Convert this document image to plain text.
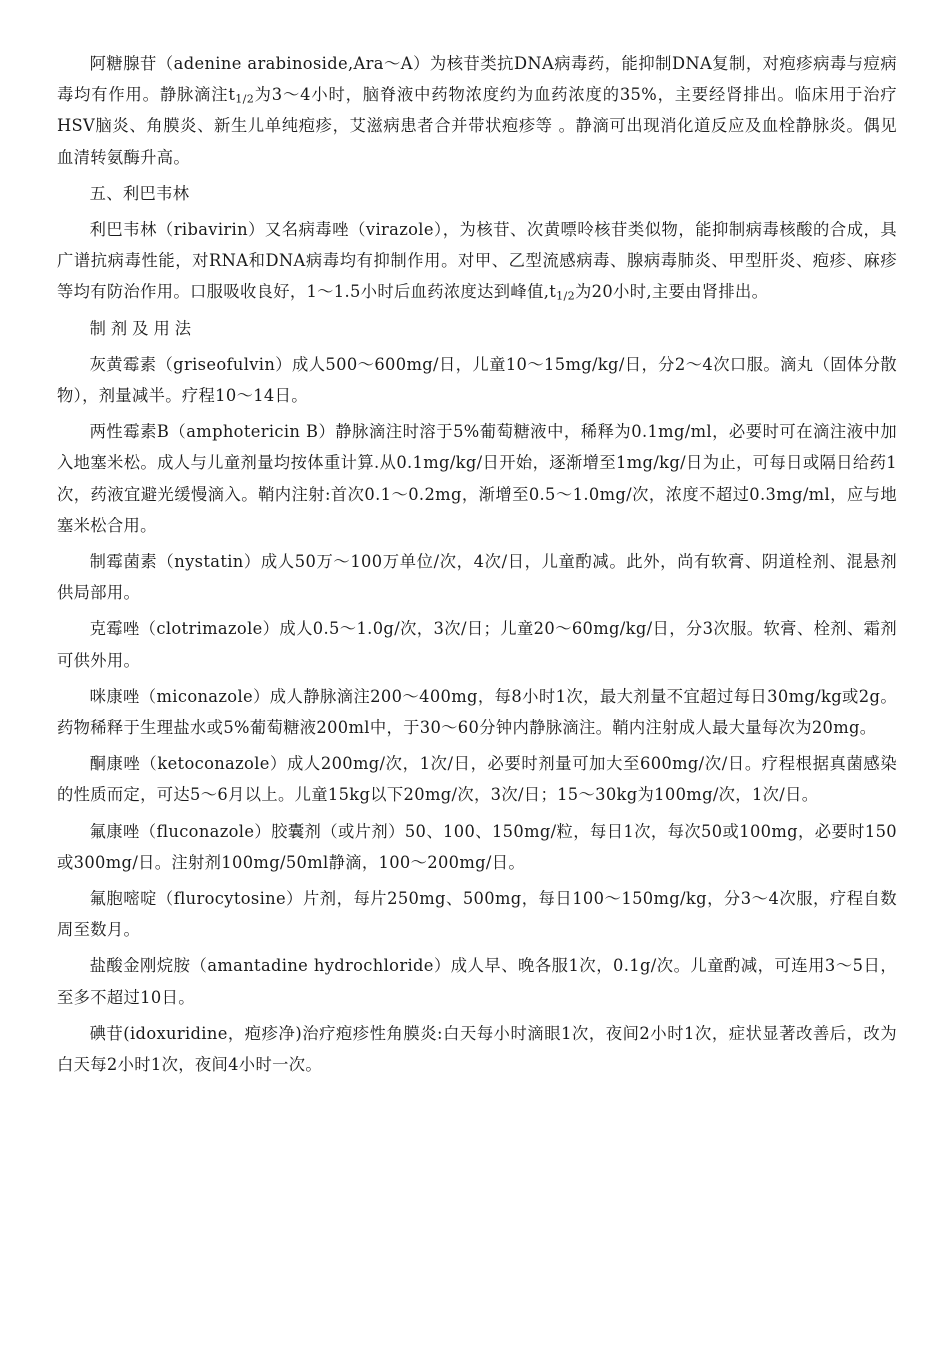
阿糖腺苷（adenine arabinoside,Ara～A）为核苷类抗DNA病毒药，能抑制DNA复制，对疱疹病毒与痘病毒均有作用。静脉滴注$t_{1/2}$为3～4小时，脑脊液中药物浓度约为血药浓度的35%，主要经肾排出。临床用于治疗HSV脑炎、角膜炎、新生儿单纯疱疹，艾滋病患者合并带状疱疹等 。静滴可出现消化道反应及血栓静脉炎。偶见血清转氨酶升高。

五、利巴韦林

利巴韦林（ribavirin）又名病毒唑（virazole），为核苷、次黄嘌呤核苷类似物，能抑制病毒核酸的合成，具广谱抗病毒性能，对RNA和DNA病毒均有抑制作用。对甲、乙型流感病毒、腺病毒肺炎、甲型肝炎、疱疹、麻疹等均有防治作用。口服吸收良好，1～1.5小时后血药浓度达到峰值$,t_{1/2}$为20小时,主要由肾排出。

制剂及用法

灰黄霉素（griseofulvin）成人500～600mg/日，儿童10～15mg/kg/日，分2～4次口服。滴丸（固体分散物），剂量减半。疗程10～14日。

两性霉素B（amphotericin B）静脉滴注时溶于5%葡萄糖液中，稀释为0.1mg/ml，必要时可在滴注液中加入地塞米松。成人与儿童剂量均按体重计算.从0.1mg/kg/日开始，逐渐增至1mg/kg/日为止，可每日或隔日给药1次，药液宜避光缓慢滴入。鞘内注射:首次0.1～0.2mg，渐增至0.5～1.0mg/次，浓度不超过0.3mg/ml，应与地塞米松合用。

制霉菌素（nystatin）成人50万～100万单位/次，4次/日，儿童酌减。此外，尚有软膏、阴道栓剂、混悬剂供局部用。

克霉唑（clotrimazole）成人0.5～1.0g/次，3次/日；儿童20～60mg/kg/日，分3次服。软膏、栓剂、霜剂可供外用。

咪康唑（miconazole）成人静脉滴注200～400mg，每8小时1次，最大剂量不宜超过每日30mg/kg或2g。药物稀释于生理盐水或5%葡萄糖液200ml中，于30～60分钟内静脉滴注。鞘内注射成人最大量每次为20mg。

酮康唑（ketoconazole）成人200mg/次，1次/日，必要时剂量可加大至600mg/次/日。疗程根据真菌感染的性质而定，可达5～6月以上。儿童15kg以下20mg/次，3次/日；15～30kg为100mg/次，1次/日。

氟康唑（fluconazole）胶囊剂（或片剂）50、100、150mg/粒，每日1次，每次50或100mg，必要时150或300mg/日。注射剂100mg/50ml静滴，100～200mg/日。

氟胞嘧啶（flurocytosine）片剂，每片250mg、500mg，每日100～150mg/kg，分3～4次服，疗程自数周至数月。

盐酸金刚烷胺（amantadine hydrochloride）成人早、晚各服1次，0.1g/次。儿童酌减，可连用3～5日，至多不超过10日。

碘苷(idoxuridine，疱疹净)治疗疱疹性角膜炎:白天每小时滴眼1次，夜间2小时1次，症状显著改善后，改为白天每2小时1次，夜间4小时一次。
